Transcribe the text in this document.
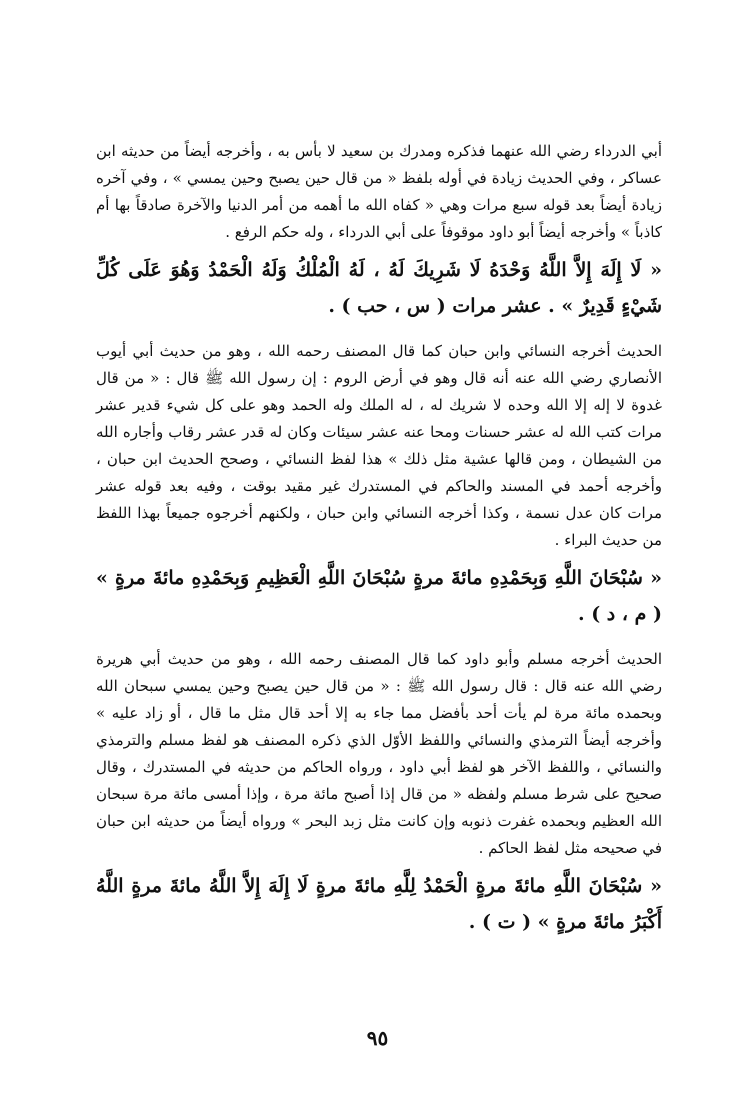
أبي الدرداء رضي الله عنهما فذكره ومدرك بن سعيد لا بأس به ، وأخرجه أيضاً من حديثه ابن عساكر ، وفي الحديث زيادة في أوله بلفظ « من قال حين يصبح وحين يمسي » ، وفي آخره زيادة أيضاً بعد قوله سبع مرات وهي « كفاه الله ما أهمه من أمر الدنيا والآخرة صادقاً بها أم كاذباً » وأخرجه أيضاً أبو داود موقوفاً على أبي الدرداء ، وله حكم الرفع .

« لَا إِلَهَ إِلاَّ اللَّهُ وَحْدَهُ لَا شَرِيكَ لَهُ ، لَهُ الْمُلْكُ وَلَهُ الْحَمْدُ وَهُوَ عَلَى كُلِّ شَيْءٍ قَدِيرٌ » . عشر مرات ( س ، حب ) .

الحديث أخرجه النسائي وابن حبان كما قال المصنف رحمه الله ، وهو من حديث أبي أيوب الأنصاري رضي الله عنه أنه قال وهو في أرض الروم : إن رسول الله ﷺ قال : « من قال غدوة لا إله إلا الله وحده لا شريك له ، له الملك وله الحمد وهو على كل شيء قدير عشر مرات كتب الله له عشر حسنات ومحا عنه عشر سيئات وكان له قدر عشر رقاب وأجاره الله من الشيطان ، ومن قالها عشية مثل ذلك » هذا لفظ النسائي ، وصحح الحديث ابن حبان ، وأخرجه أحمد في المسند والحاكم في المستدرك غير مقيد بوقت ، وفيه بعد قوله عشر مرات كان عدل نسمة ، وكذا أخرجه النسائي وابن حبان ، ولكنهم أخرجوه جميعاً بهذا اللفظ من حديث البراء .

« سُبْحَانَ اللَّهِ وَبِحَمْدِهِ مائةَ مرةٍ سُبْحَانَ اللَّهِ الْعَظِيمِ وَبِحَمْدِهِ مائةَ مرةٍ » ( م ، د ) .

الحديث أخرجه مسلم وأبو داود كما قال المصنف رحمه الله ، وهو من حديث أبي هريرة رضي الله عنه قال : قال رسول الله ﷺ : « من قال حين يصبح وحين يمسي سبحان الله وبحمده مائة مرة لم يأت أحد بأفضل مما جاء به إلا أحد قال مثل ما قال ، أو زاد عليه » وأخرجه أيضاً الترمذي والنسائي واللفظ الأوّل الذي ذكره المصنف هو لفظ مسلم والترمذي والنسائي ، واللفظ الآخر هو لفظ أبي داود ، ورواه الحاكم من حديثه في المستدرك ، وقال صحيح على شرط مسلم ولفظه « من قال إذا أصبح مائة مرة ، وإذا أمسى مائة مرة سبحان الله العظيم وبحمده غفرت ذنوبه وإن كانت مثل زبد البحر » ورواه أيضاً من حديثه ابن حبان في صحيحه مثل لفظ الحاكم .

« سُبْحَانَ اللَّهِ مائةَ مرةٍ الْحَمْدُ لِلَّهِ مائةَ مرةٍ لَا إِلَهَ إِلاَّ اللَّهُ مائةَ مرةٍ اللَّهُ أَكْبَرُ مائةَ مرةٍ » ( ت ) .

٩٥
